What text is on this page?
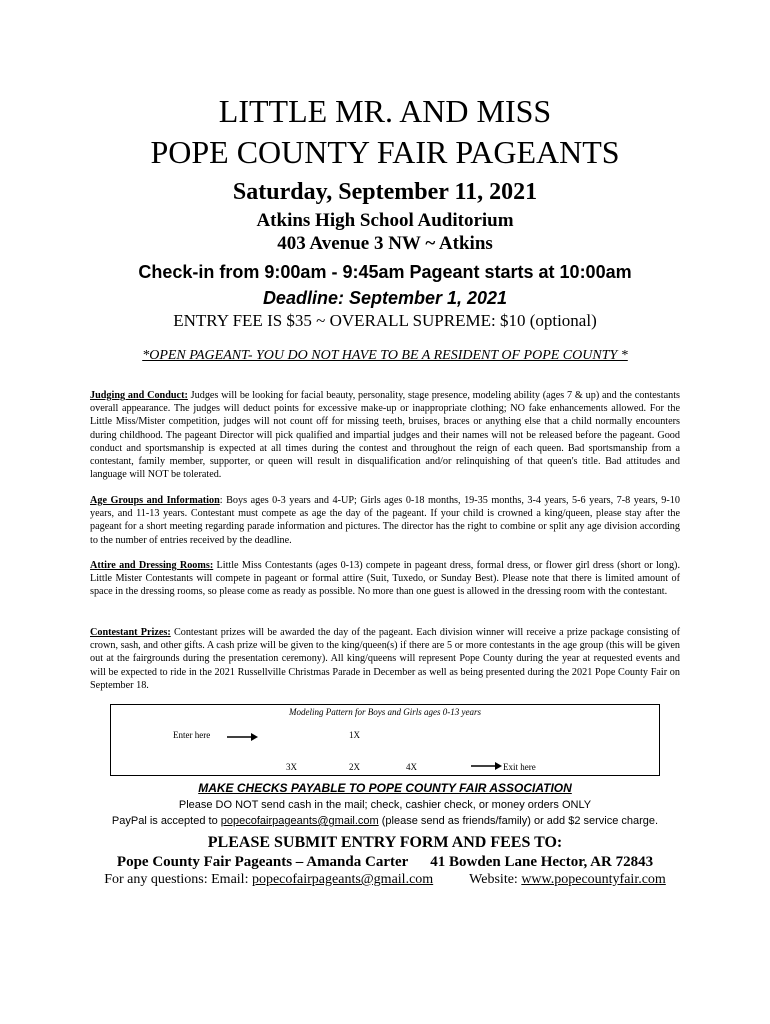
LITTLE MR. AND MISS
POPE COUNTY FAIR PAGEANTS
Saturday, September 11, 2021
Atkins High School Auditorium
403 Avenue 3 NW ~ Atkins
Check-in from 9:00am - 9:45am Pageant starts at 10:00am
Deadline: September 1, 2021
ENTRY FEE IS $35 ~ OVERALL SUPREME: $10 (optional)
*OPEN PAGEANT- YOU DO NOT HAVE TO BE A RESIDENT OF POPE COUNTY *

Judging and Conduct: Judges will be looking for facial beauty, personality, stage presence, modeling ability (ages 7 & up) and the contestants overall appearance. The judges will deduct points for excessive make-up or inappropriate clothing; NO fake enhancements allowed. For the Little Miss/Mister competition, judges will not count off for missing teeth, bruises, braces or anything else that a child normally encounters during childhood. The pageant Director will pick qualified and impartial judges and their names will not be released before the pageant. Good conduct and sportsmanship is expected at all times during the contest and throughout the reign of each queen. Bad sportsmanship from a contestant, family member, supporter, or queen will result in disqualification and/or relinquishing of that queen's title. Bad attitudes and language will NOT be tolerated.

Age Groups and Information: Boys ages 0-3 years and 4-UP; Girls ages 0-18 months, 19-35 months, 3-4 years, 5-6 years, 7-8 years, 9-10 years, and 11-13 years. Contestant must compete as age the day of the pageant. If your child is crowned a king/queen, please stay after the pageant for a short meeting regarding parade information and pictures. The director has the right to combine or split any age division according to the number of entries received by the deadline.

Attire and Dressing Rooms: Little Miss Contestants (ages 0-13) compete in pageant dress, formal dress, or flower girl dress (short or long). Little Mister Contestants will compete in pageant or formal attire (Suit, Tuxedo, or Sunday Best). Please note that there is limited amount of space in the dressing rooms, so please come as ready as possible. No more than one guest is allowed in the dressing room with the contestant.

Contestant Prizes: Contestant prizes will be awarded the day of the pageant. Each division winner will receive a prize package consisting of crown, sash, and other gifts. A cash prize will be given to the king/queen(s) if there are 5 or more contestants in the age group (this will be given out at the fairgrounds during the presentation ceremony). All king/queens will represent Pope County during the year at requested events and will be expected to ride in the 2021 Russellville Christmas Parade in December as well as being presented during the 2021 Pope County Fair on September 18.

Modeling Pattern for Boys and Girls ages 0-13 years
Enter here	1X
3X	2X	4X	Exit here
MAKE CHECKS PAYABLE TO POPE COUNTY FAIR ASSOCIATION
Please DO NOT send cash in the mail; check, cashier check, or money orders ONLY
PayPal is accepted to popecofairpageants@gmail.com (please send as friends/family) or add $2 service charge.
PLEASE SUBMIT ENTRY FORM AND FEES TO:
Pope County Fair Pageants – Amanda Carter 41 Bowden Lane Hector, AR 72843
For any questions: Email: popecofairpageants@gmail.com	Website: www.popecountyfair.com
